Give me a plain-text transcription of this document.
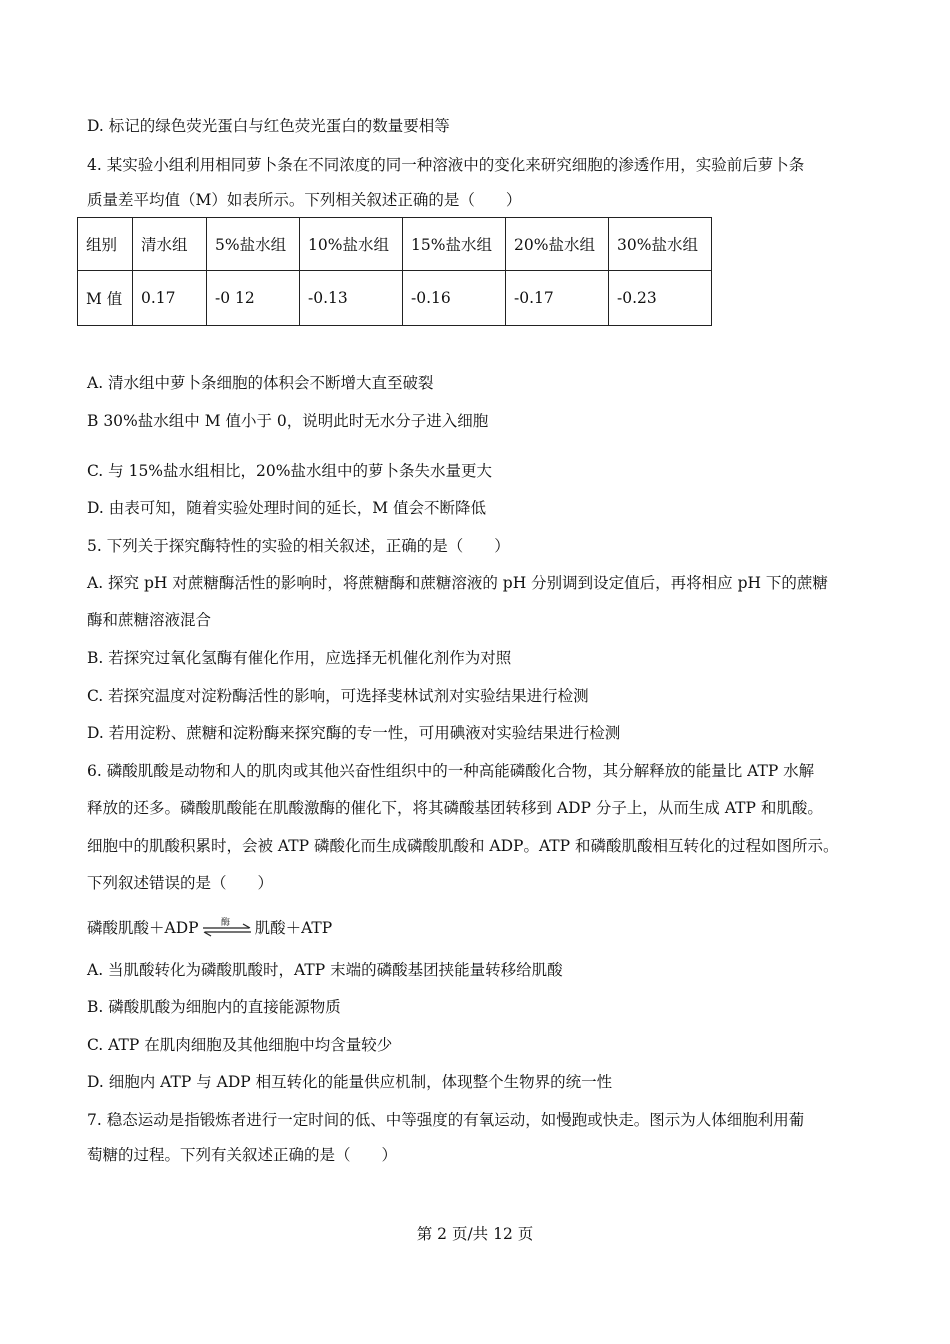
D. 标记的绿色荧光蛋白与红色荧光蛋白的数量要相等
4. 某实验小组利用相同萝卜条在不同浓度的同一种溶液中的变化来研究细胞的渗透作用，实验前后萝卜条
质量差平均值（M）如表所示。下列相关叙述正确的是（　　）
组别	清水组	5%盐水组	10%盐水组	15%盐水组	20%盐水组	30%盐水组
M 值	0.17	-0 12	-0.13	-0.16	-0.17	-0.23
A. 清水组中萝卜条细胞的体积会不断增大直至破裂
B 30%盐水组中 M 值小于 0，说明此时无水分子进入细胞
C. 与 15%盐水组相比，20%盐水组中的萝卜条失水量更大
D. 由表可知，随着实验处理时间的延长，M 值会不断降低
5. 下列关于探究酶特性的实验的相关叙述，正确的是（　　）
A. 探究 pH 对蔗糖酶活性的影响时，将蔗糖酶和蔗糖溶液的 pH 分别调到设定值后，再将相应 pH 下的蔗糖
酶和蔗糖溶液混合
B. 若探究过氧化氢酶有催化作用，应选择无机催化剂作为对照
C. 若探究温度对淀粉酶活性的影响，可选择斐林试剂对实验结果进行检测
D. 若用淀粉、蔗糖和淀粉酶来探究酶的专一性，可用碘液对实验结果进行检测
6. 磷酸肌酸是动物和人的肌肉或其他兴奋性组织中的一种高能磷酸化合物，其分解释放的能量比 ATP 水解
释放的还多。磷酸肌酸能在肌酸激酶的催化下，将其磷酸基团转移到 ADP 分子上，从而生成 ATP 和肌酸。
细胞中的肌酸积累时，会被 ATP 磷酸化而生成磷酸肌酸和 ADP。ATP 和磷酸肌酸相互转化的过程如图所示。
下列叙述错误的是（　　）
磷酸肌酸＋ADP 酶 肌酸＋ATP
A. 当肌酸转化为磷酸肌酸时，ATP 末端的磷酸基团挟能量转移给肌酸
B. 磷酸肌酸为细胞内的直接能源物质
C. ATP 在肌肉细胞及其他细胞中均含量较少
D. 细胞内 ATP 与 ADP 相互转化的能量供应机制，体现整个生物界的统一性
7. 稳态运动是指锻炼者进行一定时间的低、中等强度的有氧运动，如慢跑或快走。图示为人体细胞利用葡
萄糖的过程。下列有关叙述正确的是（　　）
第 2 页/共 12 页
